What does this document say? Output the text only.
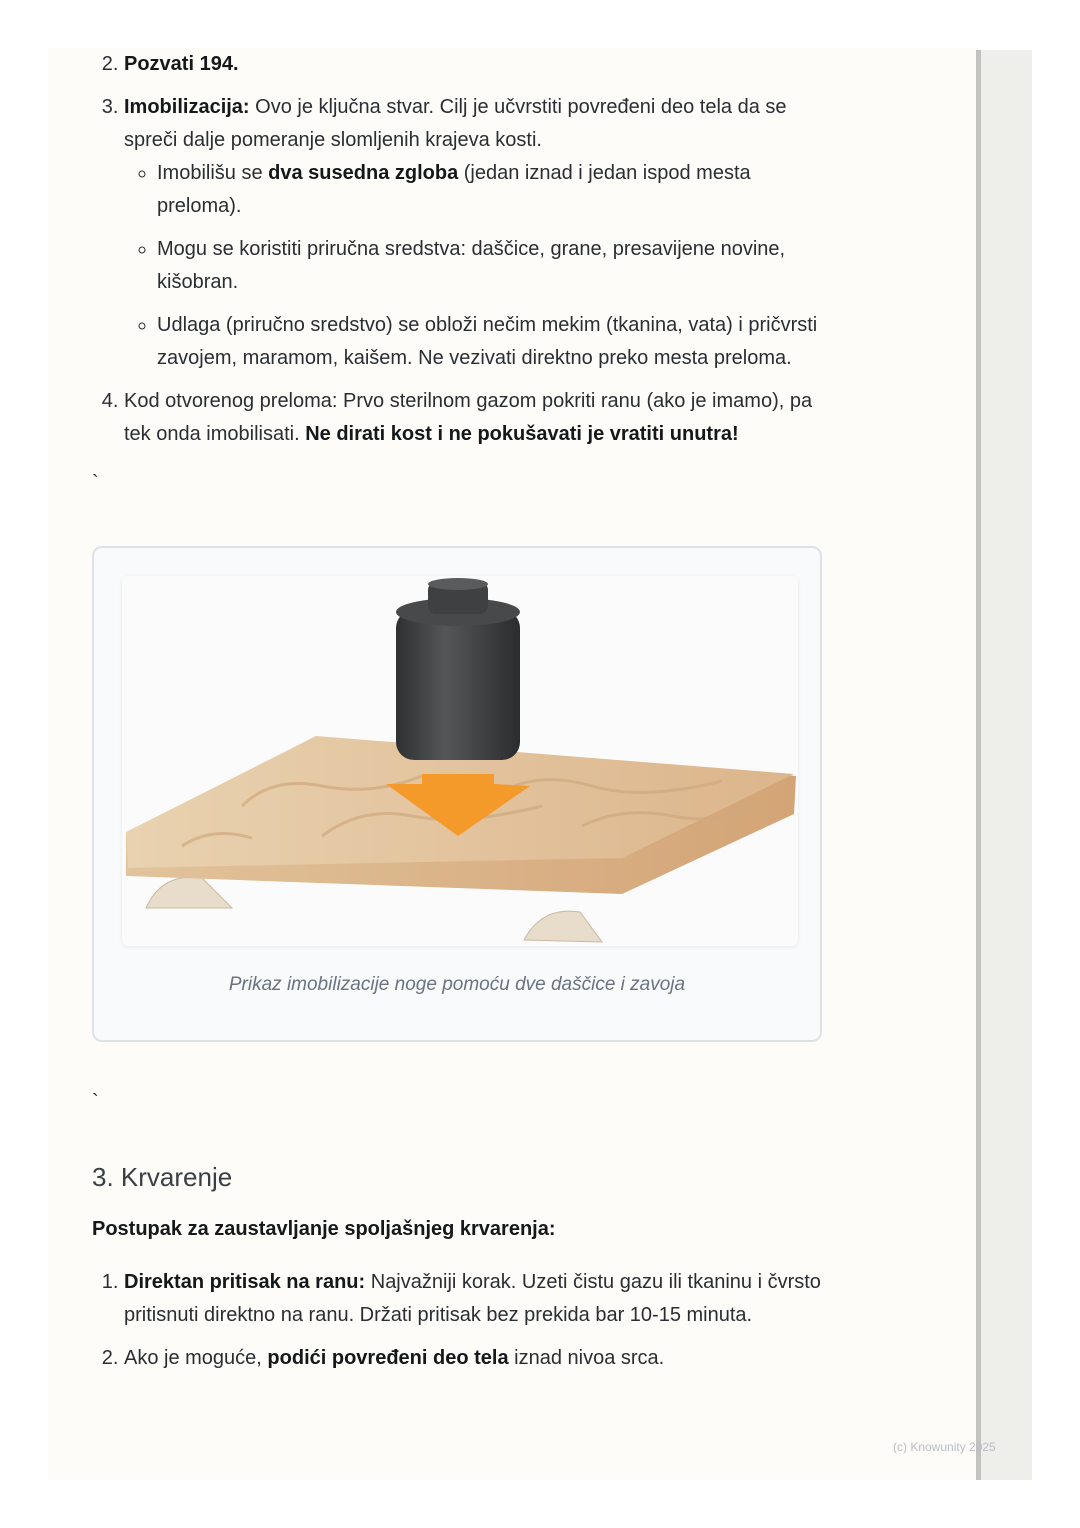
2. Pozvati 194.
3. Imobilizacija: Ovo je ključna stvar. Cilj je učvrstiti povređeni deo tela da se spreči dalje pomeranje slomljenih krajeva kosti.
◦ Imobilišu se dva susedna zgloba (jedan iznad i jedan ispod mesta preloma).
◦ Mogu se koristiti priručna sredstva: daščice, grane, presavijene novine, kišobran.
◦ Udlaga (priručno sredstvo) se obloži nečim mekim (tkanina, vata) i pričvrsti zavojem, maramom, kaišem. Ne vezivati direktno preko mesta preloma.
4. Kod otvorenog preloma: Prvo sterilnom gazom pokriti ranu (ako je imamo), pa tek onda imobilisati. Ne dirati kost i ne pokušavati je vratiti unutra!
`
Prikaz imobilizacije noge pomoću dve daščice i zavoja
`
3. Krvarenje
Postupak za zaustavljanje spoljašnjeg krvarenja:
1. Direktan pritisak na ranu: Najvažniji korak. Uzeti čistu gazu ili tkaninu i čvrsto pritisnuti direktno na ranu. Držati pritisak bez prekida bar 10-15 minuta.
2. Ako je moguće, podići povređeni deo tela iznad nivoa srca.
(c) Knowunity 2025
